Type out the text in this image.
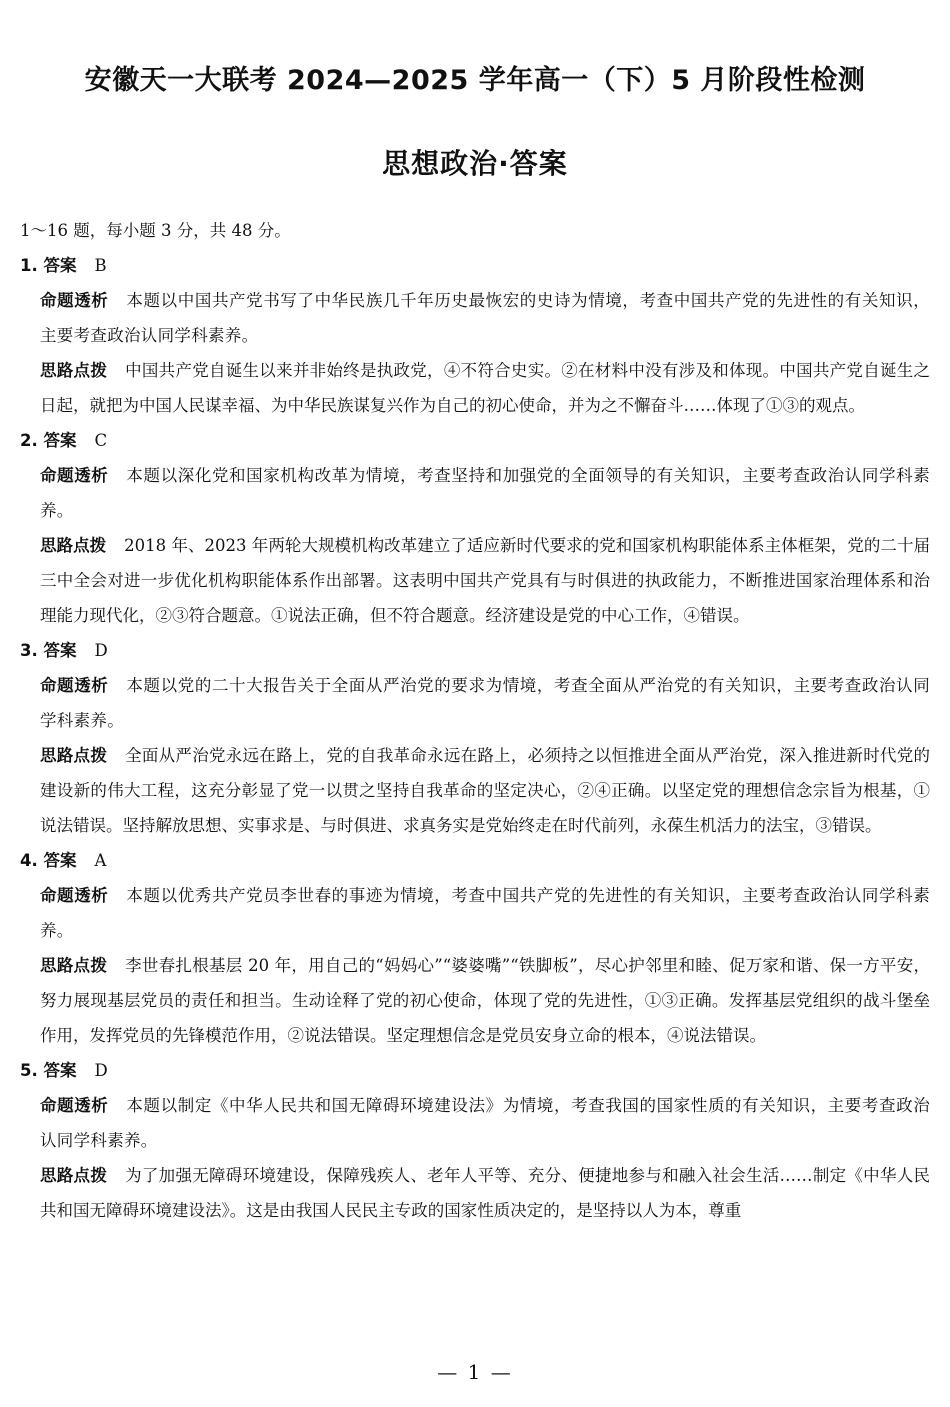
安徽天一大联考 2024—2025 学年高一（下）5 月阶段性检测
思想政治·答案

1～16 题，每小题 3 分，共 48 分。

1. 答案 B

命题透析 本题以中国共产党书写了中华民族几千年历史最恢宏的史诗为情境，考查中国共产党的先进性的有关知识，主要考查政治认同学科素养。

思路点拨 中国共产党自诞生以来并非始终是执政党，④不符合史实。②在材料中没有涉及和体现。中国共产党自诞生之日起，就把为中国人民谋幸福、为中华民族谋复兴作为自己的初心使命，并为之不懈奋斗……体现了①③的观点。

2. 答案 C

命题透析 本题以深化党和国家机构改革为情境，考查坚持和加强党的全面领导的有关知识，主要考查政治认同学科素养。

思路点拨 2018 年、2023 年两轮大规模机构改革建立了适应新时代要求的党和国家机构职能体系主体框架，党的二十届三中全会对进一步优化机构职能体系作出部署。这表明中国共产党具有与时俱进的执政能力，不断推进国家治理体系和治理能力现代化，②③符合题意。①说法正确，但不符合题意。经济建设是党的中心工作，④错误。

3. 答案 D

命题透析 本题以党的二十大报告关于全面从严治党的要求为情境，考查全面从严治党的有关知识，主要考查政治认同学科素养。

思路点拨 全面从严治党永远在路上，党的自我革命永远在路上，必须持之以恒推进全面从严治党，深入推进新时代党的建设新的伟大工程，这充分彰显了党一以贯之坚持自我革命的坚定决心，②④正确。以坚定党的理想信念宗旨为根基，①说法错误。坚持解放思想、实事求是、与时俱进、求真务实是党始终走在时代前列，永葆生机活力的法宝，③错误。

4. 答案 A

命题透析 本题以优秀共产党员李世春的事迹为情境，考查中国共产党的先进性的有关知识，主要考查政治认同学科素养。

思路点拨 李世春扎根基层 20 年，用自己的“妈妈心”“婆婆嘴”“铁脚板”，尽心护邻里和睦、促万家和谐、保一方平安，努力展现基层党员的责任和担当。生动诠释了党的初心使命，体现了党的先进性，①③正确。发挥基层党组织的战斗堡垒作用，发挥党员的先锋模范作用，②说法错误。坚定理想信念是党员安身立命的根本，④说法错误。

5. 答案 D

命题透析 本题以制定《中华人民共和国无障碍环境建设法》为情境，考查我国的国家性质的有关知识，主要考查政治认同学科素养。

思路点拨 为了加强无障碍环境建设，保障残疾人、老年人平等、充分、便捷地参与和融入社会生活……制定《中华人民共和国无障碍环境建设法》。这是由我国人民民主专政的国家性质决定的，是坚持以人为本，尊重

— 1 —
